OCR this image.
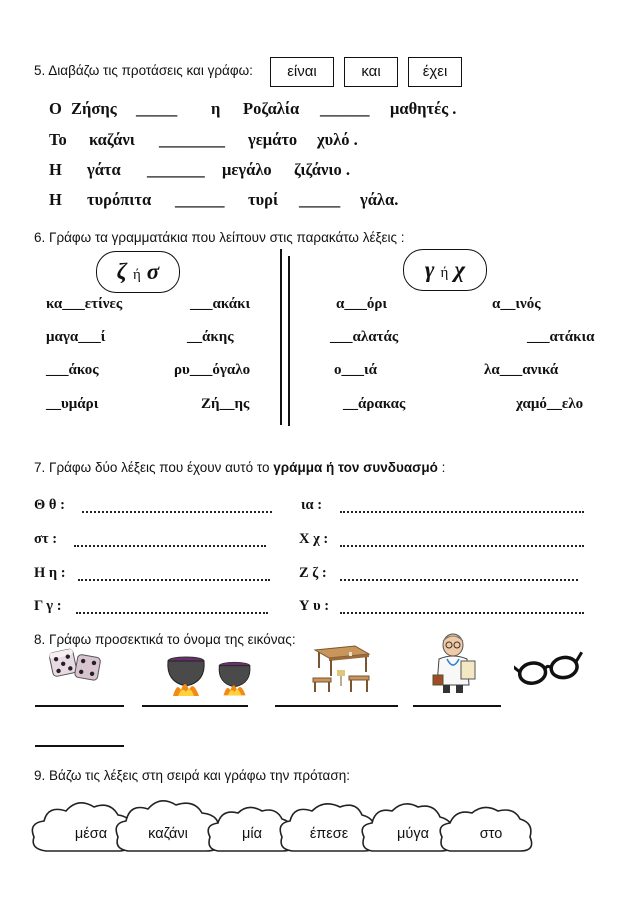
5. Διαβάζω τις προτάσεις και γράφω:	είναι	και	έχει
Ο Ζήσης _____ η Ροζαλία ______ μαθητές .
Το καζάνι ________ γεμάτο χυλό .
Η γάτα _______ μεγάλο ζιζάνιο .
Η τυρόπιτα ______ τυρί _____ γάλα.
6. Γράφω τα γραμματάκια που λείπουν στις παρακάτω λέξεις :
ζή σ	γή χ
κα___ετίνες	___ακάκι	α___όρι	α__ινός
μαγα___ί	__άκης	___αλατάς	___ατάκια
___άκος	ρυ___όγαλο	ο___ιά	λα___ανικά
__υμάρι	Ζή__ης	__άρακας	χαμό__ελο
7. Γράφω δύο λέξεις που έχουν αυτό το γράμμα ή τον συνδυασμό :
Θ θ :	ια :
στ :	Χ χ :
Η η :	Ζ ζ :
Γ γ :	Υ υ :
8. Γράφω προσεκτικά το όνομα της εικόνας:
9. Βάζω τις λέξεις στη σειρά και γράφω την πρόταση:
μέσα	καζάνι	μία	έπεσε	μύγα	στο
